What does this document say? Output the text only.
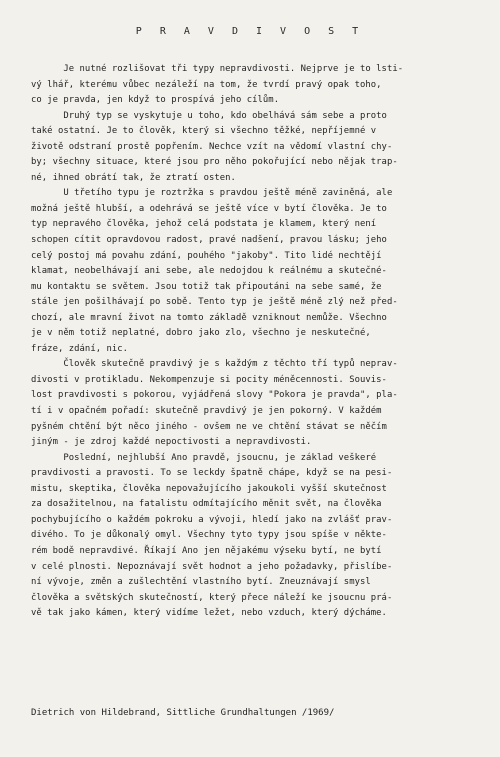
P R A V D I V O S T
Je nutné rozlišovat tři typy nepravdivosti. Nejprve je to lsti-
vý lhář, kterému vůbec nezáleží na tom, že tvrdí pravý opak toho,
co je pravda, jen když to prospívá jeho cílům.
Druhý typ se vyskytuje u toho, kdo obelhává sám sebe a proto
také ostatní. Je to člověk, který si všechno těžké, nepříjemné v
životě odstraní prostě popřením. Nechce vzít na vědomí vlastní chy-
by; všechny situace, které jsou pro něho pokořující nebo nějak trap-
né, ihned obrátí tak, že ztratí osten.
U třetího typu je roztržka s pravdou ještě méně zaviněná, ale
možná ještě hlubší, a odehrává se ještě více v bytí člověka. Je to
typ nepravého člověka, jehož celá podstata je klamem, který není
schopen cítit opravdovou radost, pravé nadšení, pravou lásku; jeho
celý postoj má povahu zdání, pouhého "jakoby". Tito lidé nechtějí
klamat, neobelhávají ani sebe, ale nedojdou k reálnému a skutečné-
mu kontaktu se světem. Jsou totiž tak připoutáni na sebe samé, že
stále jen pošilhávají po sobě. Tento typ je ještě méně zlý než před-
chozí, ale mravní život na tomto základě vzniknout nemůže. Všechno
je v něm totiž neplatné, dobro jako zlo, všechno je neskutečné,
fráze, zdání, nic.
Člověk skutečně pravdivý je s každým z těchto tří typů neprav-
divosti v protikladu. Nekompenzuje si pocity méněcennosti. Souvis-
lost pravdivosti s pokorou, vyjádřená slovy "Pokora je pravda", pla-
tí i v opačném pořadí: skutečně pravdivý je jen pokorný. V každém
pyšném chtění být něco jiného - ovšem ne ve chtění stávat se něčím
jiným - je zdroj každé nepoctivosti a nepravdivosti.
Poslední, nejhlubší Ano pravdě, jsoucnu, je základ veškeré
pravdivosti a pravosti. To se leckdy špatně chápe, když se na pesi-
mistu, skeptika, člověka nepovažujícího jakoukoli vyšší skutečnost
za dosažitelnou, na fatalistu odmítajícího měnit svět, na člověka
pochybujícího o každém pokroku a vývoji, hledí jako na zvlášť prav-
divého. To je důkonalý omyl. Všechny tyto typy jsou spíše v někte-
rém bodě nepravdivé. Říkají Ano jen nějakému výseku bytí, ne bytí
v celé plnosti. Nepoznávají svět hodnot a jeho požadavky, přislíbe-
ní vývoje, změn a zušlechtění vlastního bytí. Zneuznávají smysl
člověka a světských skutečností, který přece náleží ke jsoucnu prá-
vě tak jako kámen, který vidíme ležet, nebo vzduch, který dýcháme.
Dietrich von Hildebrand, Sittliche Grundhaltungen /1969/
